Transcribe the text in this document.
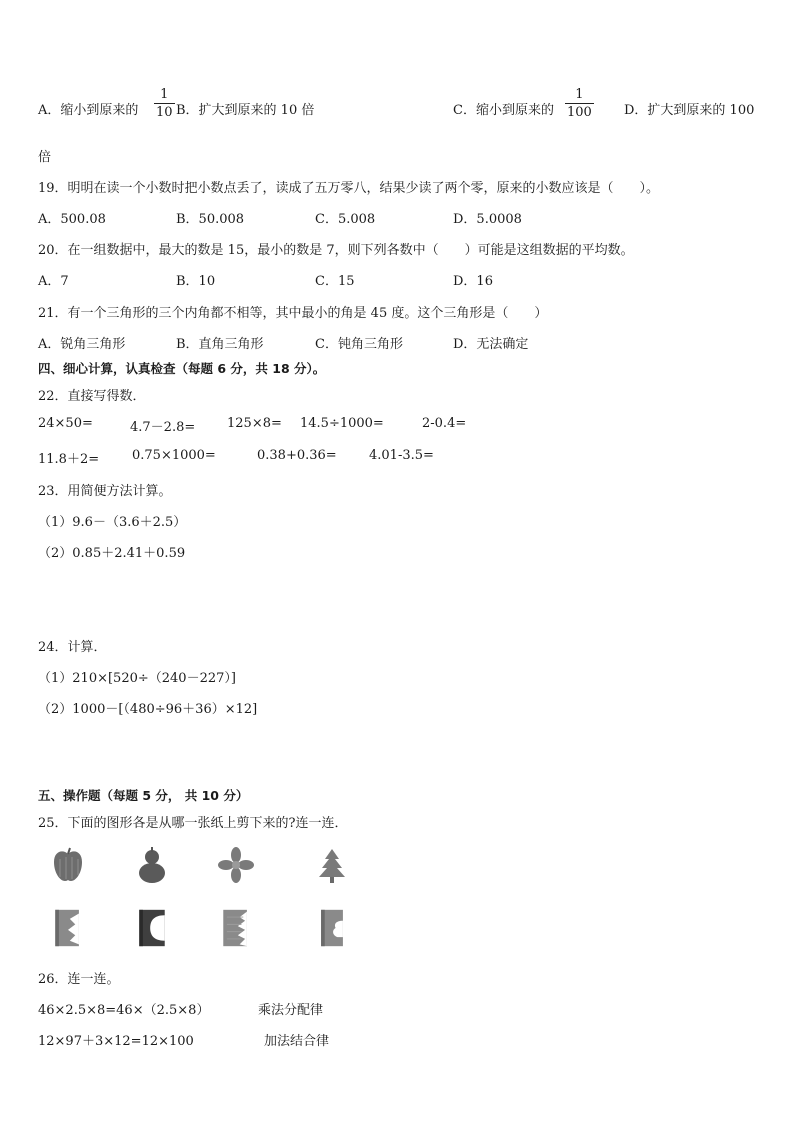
A．缩小到原来的
1
10 B．扩大到原来的 10 倍	C．缩小到原来的
1
100 D．扩大到原来的 100
倍
19．明明在读一个小数时把小数点丢了，读成了五万零八，结果少读了两个零，原来的小数应该是（　　）。
A．500.08	B．50.008	C．5.008	D．5.0008
20．在一组数据中，最大的数是 15，最小的数是 7，则下列各数中（　　）可能是这组数据的平均数。
A．7	B．10	C．15	D．16
21．有一个三角形的三个内角都不相等，其中最小的角是 45 度。这个三角形是（　　）
A．锐角三角形	B．直角三角形	C．钝角三角形	D．无法确定
四、细心计算，认真检查（每题 6 分，共 18 分）。
22．直接写得数．
24×50=	4.7－2.8= 125×8= 14.5÷1000=	2-0.4=
11.8＋2=	0.75×1000=	0.38+0.36= 4.01-3.5=
23．用简便方法计算。
（1）9.6－（3.6＋2.5）
（2）0.85＋2.41＋0.59
24．计算．
（1）210×[520÷（240－227）]
（2）1000－[（480÷96＋36）×12]
五、操作题（每题 5 分， 共 10 分）
25．下面的图形各是从哪一张纸上剪下来的?连一连．
26．连一连。
46×2.5×8=46×（2.5×8）	乘法分配律
12×97＋3×12=12×100	加法结合律
